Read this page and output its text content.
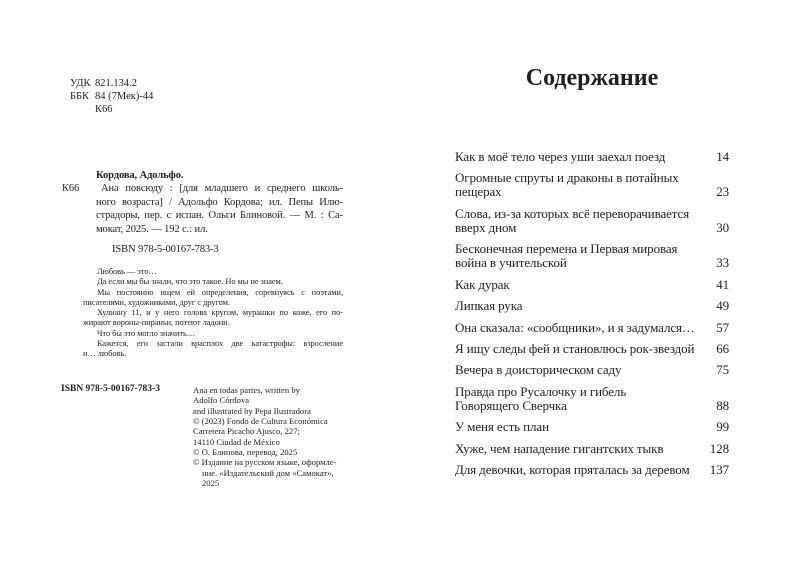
УДК 821.134.2
ББК 84 (7Мек)-44
К66
Кордова, Адольфо.
К66	Ана повсюду : [для младшего и среднего школь-
ного возраста] / Адольфо Кордова; ил. Пепы Илю-
страдоры, пер. с испан. Ольги Блиновой. — М. : Са-
мокат, 2025. — 192 с.: ил.
ISBN 978-5-00167-783-3
Любовь — это…
Да если мы бы знали, что это такое. Но мы не знаем.
Мы постоянно ищем ей определения, соревнуясь с поэтами,
писателями, художниками, друг с другом.
Хулиану 11, и у него голова кругом, мурашки по коже, его по-
жирают вороны-пираньи, потеют ладони.
Что бы это могло значить…
Кажется, его застали врасплох две катастрофы: взросление
и… любовь.
ISBN 978-5-00167-783-3	Ana en todas partes, written by
Adolfo Córdova
and illustrated by Pepa Ilustradora
© (2023) Fondo de Cultura Económica
Carretera Picacho Ajusco, 227;
14110 Ciudad de México
© О. Блинова, перевод, 2025
© Издание на русском языке, оформле-
ние. «Издательский дом «Самокат»,
2025
Содержание
Как в моё тело через уши заехал поезд	14
Огромные спруты и драконы в потайных
пещерах	23
Слова, из-за которых всё переворачивается
вверх дном	30
Бесконечная перемена и Первая мировая
война в учительской	33
Как дурак	41
Липкая рука	49
Она сказала: «сообщники», и я задумался… 57
Я ищу следы фей и становлюсь рок-звездой 66
Вечера в доисторическом саду	75
Правда про Русалочку и гибель
Говорящего Сверчка	88
У меня есть план	99
Хуже, чем нападение гигантских тыкв	128
Для девочки, которая пряталась за деревом 137
